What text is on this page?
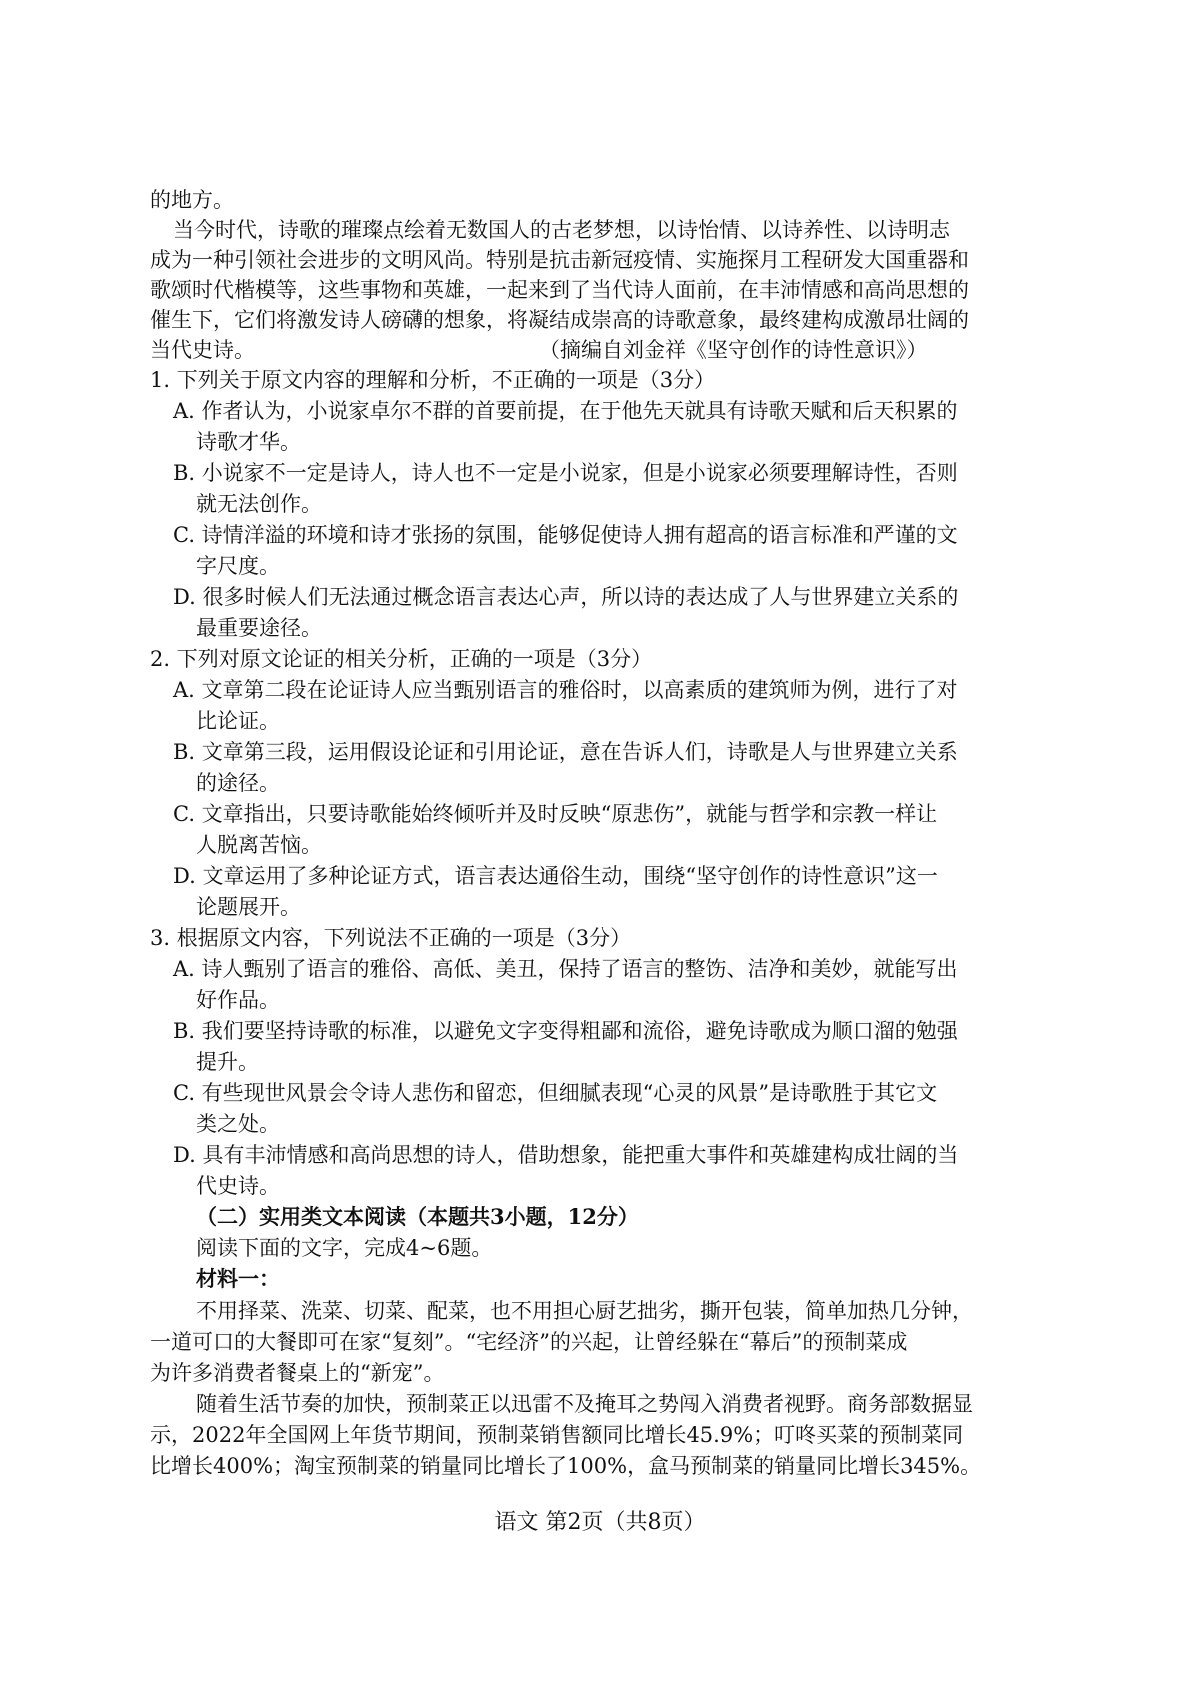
的地方。
当今时代，诗歌的璀璨点绘着无数国人的古老梦想，以诗怡情、以诗养性、以诗明志
成为一种引领社会进步的文明风尚。特别是抗击新冠疫情、实施探月工程研发大国重器和
歌颂时代楷模等，这些事物和英雄，一起来到了当代诗人面前，在丰沛情感和高尚思想的
催生下，它们将激发诗人磅礴的想象，将凝结成崇高的诗歌意象，最终建构成激昂壮阔的
当代史诗。	（摘编自刘金祥《坚守创作的诗性意识》）
1. 下列关于原文内容的理解和分析，不正确的一项是（3分）
A. 作者认为，小说家卓尔不群的首要前提，在于他先天就具有诗歌天赋和后天积累的
诗歌才华。
B. 小说家不一定是诗人，诗人也不一定是小说家，但是小说家必须要理解诗性，否则
就无法创作。
C. 诗情洋溢的环境和诗才张扬的氛围，能够促使诗人拥有超高的语言标准和严谨的文
字尺度。
D. 很多时候人们无法通过概念语言表达心声，所以诗的表达成了人与世界建立关系的
最重要途径。
2. 下列对原文论证的相关分析，正确的一项是（3分）
A. 文章第二段在论证诗人应当甄别语言的雅俗时，以高素质的建筑师为例，进行了对
比论证。
B. 文章第三段，运用假设论证和引用论证，意在告诉人们，诗歌是人与世界建立关系
的途径。
C. 文章指出，只要诗歌能始终倾听并及时反映“原悲伤”，就能与哲学和宗教一样让
人脱离苦恼。
D. 文章运用了多种论证方式，语言表达通俗生动，围绕“坚守创作的诗性意识”这一
论题展开。
3. 根据原文内容，下列说法不正确的一项是（3分）
A. 诗人甄别了语言的雅俗、高低、美丑，保持了语言的整饬、洁净和美妙，就能写出
好作品。
B. 我们要坚持诗歌的标准，以避免文字变得粗鄙和流俗，避免诗歌成为顺口溜的勉强
提升。
C. 有些现世风景会令诗人悲伤和留恋，但细腻表现“心灵的风景”是诗歌胜于其它文
类之处。
D. 具有丰沛情感和高尚思想的诗人，借助想象，能把重大事件和英雄建构成壮阔的当
代史诗。
（二）实用类文本阅读（本题共3小题，12分）
阅读下面的文字，完成4~6题。
材料一：
不用择菜、洗菜、切菜、配菜，也不用担心厨艺拙劣，撕开包装，简单加热几分钟，
一道可口的大餐即可在家“复刻”。“宅经济”的兴起，让曾经躲在“幕后”的预制菜成
为许多消费者餐桌上的“新宠”。
随着生活节奏的加快，预制菜正以迅雷不及掩耳之势闯入消费者视野。商务部数据显
示，2022年全国网上年货节期间，预制菜销售额同比增长45.9%；叮咚买菜的预制菜同
比增长400%；淘宝预制菜的销量同比增长了100%，盒马预制菜的销量同比增长345%。
语文 第2页（共8页）
